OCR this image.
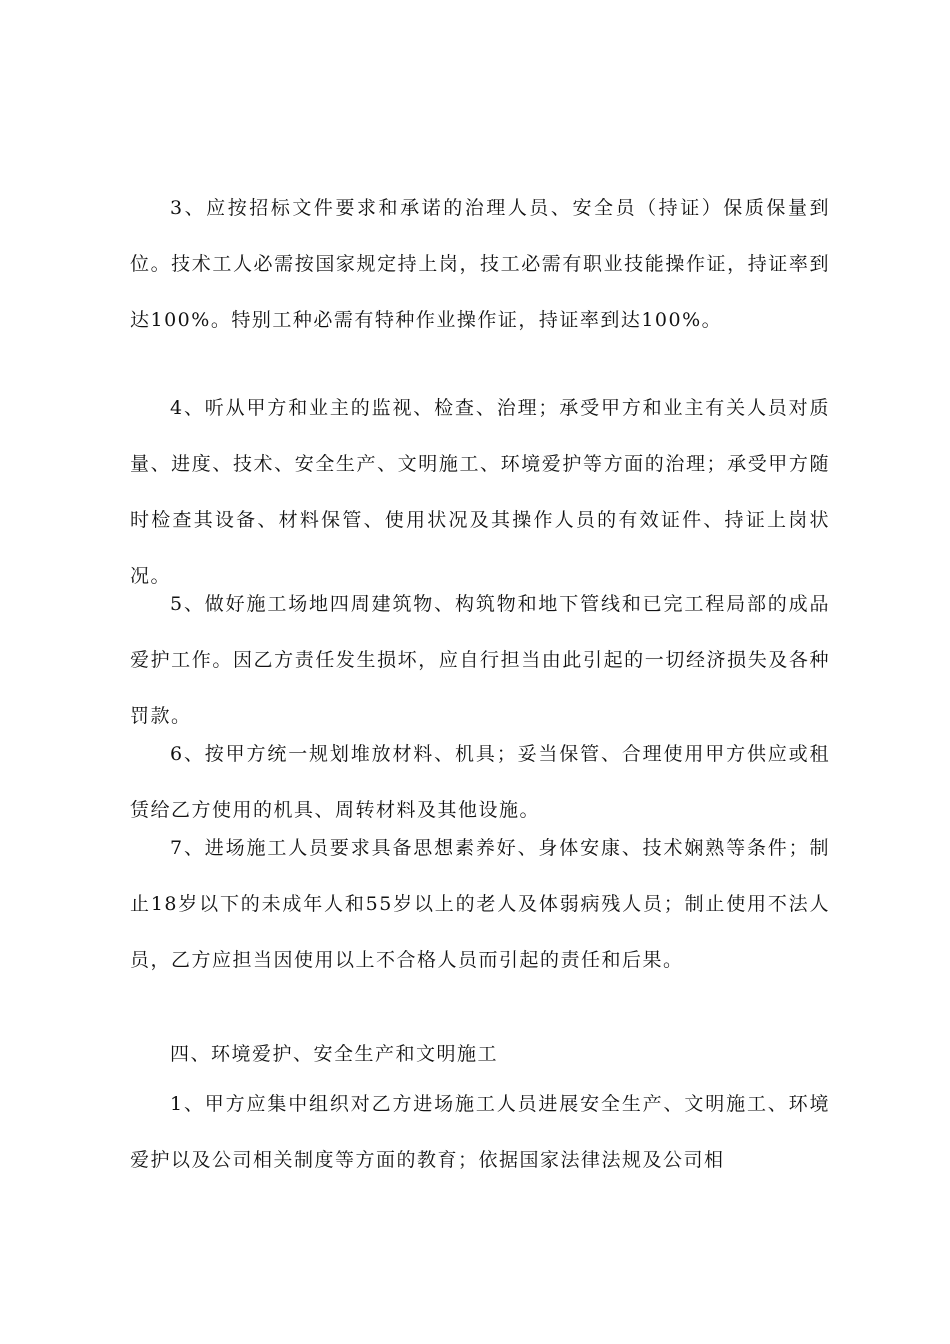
3、应按招标文件要求和承诺的治理人员、安全员（持证）保质保量到位。技术工人必需按国家规定持上岗，技工必需有职业技能操作证，持证率到达100%。特别工种必需有特种作业操作证，持证率到达100%。

4、听从甲方和业主的监视、检查、治理；承受甲方和业主有关人员对质量、进度、技术、安全生产、文明施工、环境爱护等方面的治理；承受甲方随时检查其设备、材料保管、使用状况及其操作人员的有效证件、持证上岗状况。

5、做好施工场地四周建筑物、构筑物和地下管线和已完工程局部的成品爱护工作。因乙方责任发生损坏，应自行担当由此引起的一切经济损失及各种罚款。

6、按甲方统一规划堆放材料、机具；妥当保管、合理使用甲方供应或租赁给乙方使用的机具、周转材料及其他设施。

7、进场施工人员要求具备思想素养好、身体安康、技术娴熟等条件；制止18岁以下的未成年人和55岁以上的老人及体弱病残人员；制止使用不法人员，乙方应担当因使用以上不合格人员而引起的责任和后果。

四、环境爱护、安全生产和文明施工

1、甲方应集中组织对乙方进场施工人员进展安全生产、文明施工、环境爱护以及公司相关制度等方面的教育；依据国家法律法规及公司相
